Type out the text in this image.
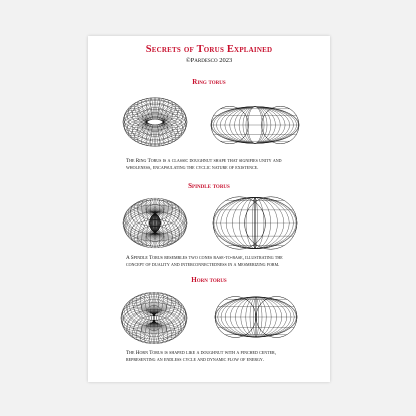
Secrets of Torus Explained
©Pardesco 2023
Ring torus
The Ring Torus is a classic doughnut shape that signifies unity and wholeness, encapsulating the cyclic nature of existence.
Spindle torus
A Spindle Torus resembles two cones base-to-base, illustrating the concept of duality and interconnectedness in a mesmerizing form.
Horn torus
The Horn Torus is shaped like a doughnut with a pinched center, representing an endless cycle and dynamic flow of energy.
